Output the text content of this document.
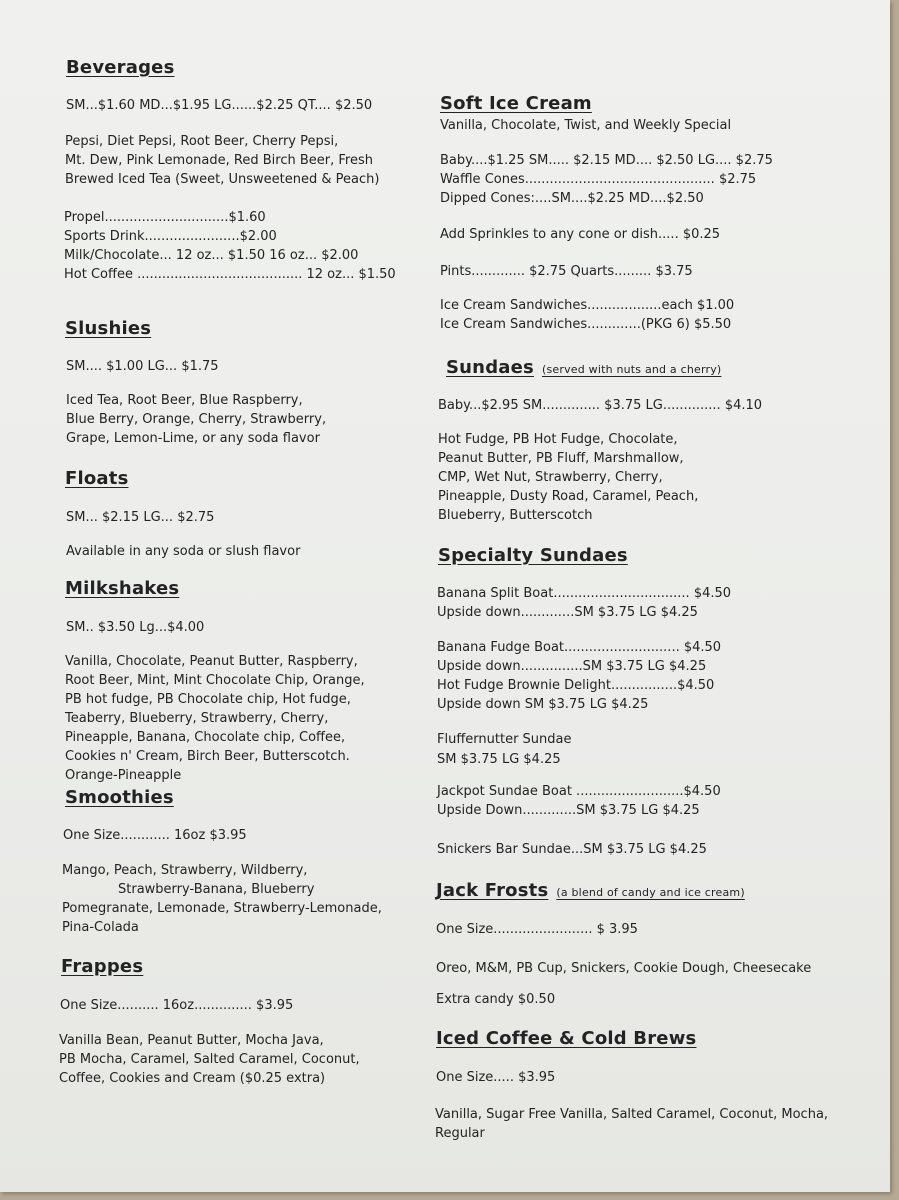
Beverages
SM...$1.60 MD...$1.95 LG......$2.25 QT.... $2.50
Pepsi, Diet Pepsi, Root Beer, Cherry Pepsi,
Mt. Dew, Pink Lemonade, Red Birch Beer, Fresh
Brewed Iced Tea (Sweet, Unsweetened & Peach)
Propel..............................$1.60
Sports Drink.......................$2.00
Milk/Chocolate... 12 oz... $1.50 16 oz... $2.00
Hot Coffee ........................................ 12 oz... $1.50
Slushies
SM.... $1.00 LG... $1.75
Iced Tea, Root Beer, Blue Raspberry,
Blue Berry, Orange, Cherry, Strawberry,
Grape, Lemon-Lime, or any soda flavor
Floats
SM... $2.15 LG... $2.75
Available in any soda or slush flavor
Milkshakes
SM.. $3.50 Lg...$4.00
Vanilla, Chocolate, Peanut Butter, Raspberry,
Root Beer, Mint, Mint Chocolate Chip, Orange,
PB hot fudge, PB Chocolate chip, Hot fudge,
Teaberry, Blueberry, Strawberry, Cherry,
Pineapple, Banana, Chocolate chip, Coffee,
Cookies n' Cream, Birch Beer, Butterscotch.
Orange-Pineapple
Smoothies
One Size............ 16oz $3.95
Mango, Peach, Strawberry, Wildberry,
Strawberry-Banana, Blueberry
Pomegranate, Lemonade, Strawberry-Lemonade,
Pina-Colada
Frappes
One Size.......... 16oz.............. $3.95
Vanilla Bean, Peanut Butter, Mocha Java,
PB Mocha, Caramel, Salted Caramel, Coconut,
Coffee, Cookies and Cream ($0.25 extra)
Soft Ice Cream
Vanilla, Chocolate, Twist, and Weekly Special
Baby....$1.25 SM..... $2.15 MD.... $2.50 LG.... $2.75
Waffle Cones.............................................. $2.75
Dipped Cones:....SM....$2.25 MD....$2.50
Add Sprinkles to any cone or dish..... $0.25
Pints............. $2.75 Quarts......... $3.75
Ice Cream Sandwiches..................each $1.00
Ice Cream Sandwiches.............(PKG 6) $5.50
Sundaes (served with nuts and a cherry)
Baby...$2.95 SM.............. $3.75 LG.............. $4.10
Hot Fudge, PB Hot Fudge, Chocolate,
Peanut Butter, PB Fluff, Marshmallow,
CMP, Wet Nut, Strawberry, Cherry,
Pineapple, Dusty Road, Caramel, Peach,
Blueberry, Butterscotch
Specialty Sundaes
Banana Split Boat................................. $4.50
Upside down.............SM $3.75 LG $4.25
Banana Fudge Boat............................ $4.50
Upside down...............SM $3.75 LG $4.25
Hot Fudge Brownie Delight................$4.50
Upside down SM $3.75 LG $4.25
Fluffernutter Sundae
SM $3.75 LG $4.25
Jackpot Sundae Boat ..........................$4.50
Upside Down.............SM $3.75 LG $4.25
Snickers Bar Sundae...SM $3.75 LG $4.25
Jack Frosts (a blend of candy and ice cream)
One Size........................ $ 3.95
Oreo, M&M, PB Cup, Snickers, Cookie Dough, Cheesecake
Extra candy $0.50
Iced Coffee & Cold Brews
One Size..... $3.95
Vanilla, Sugar Free Vanilla, Salted Caramel, Coconut, Mocha,
Regular
